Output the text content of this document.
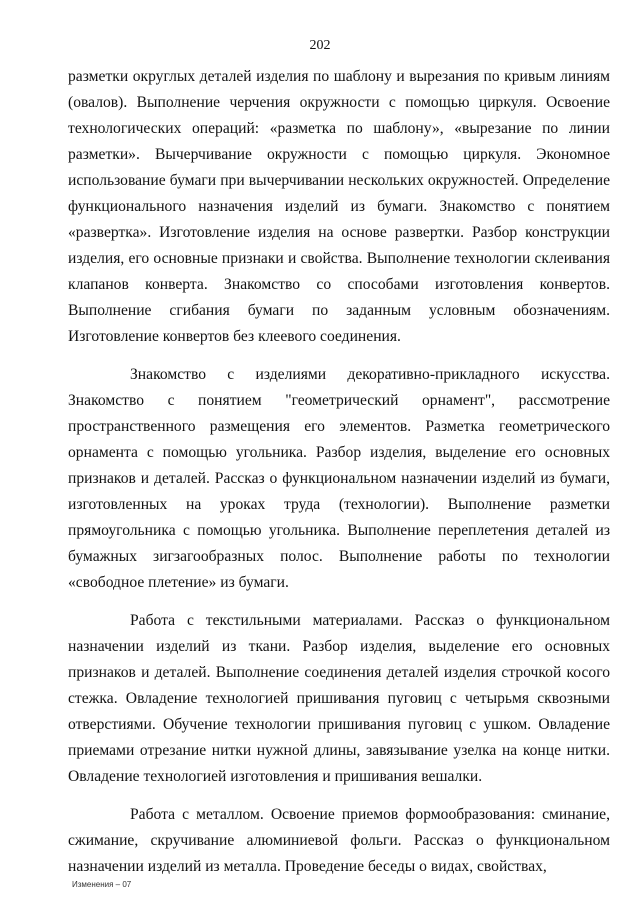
202

разметки округлых деталей изделия по шаблону и вырезания по кривым линиям (овалов). Выполнение черчения окружности с помощью циркуля. Освоение технологических операций: «разметка по шаблону», «вырезание по линии разметки». Вычерчивание окружности с помощью циркуля. Экономное использование бумаги при вычерчивании нескольких окружностей. Определение функционального назначения изделий из бумаги. Знакомство с понятием «развертка». Изготовление изделия на основе развертки. Разбор конструкции изделия, его основные признаки и свойства. Выполнение технологии склеивания клапанов конверта. Знакомство со способами изготовления конвертов. Выполнение сгибания бумаги по заданным условным обозначениям. Изготовление конвертов без клеевого соединения.

Знакомство с изделиями декоративно-прикладного искусства. Знакомство с понятием "геометрический орнамент", рассмотрение пространственного размещения его элементов. Разметка геометрического орнамента с помощью угольника. Разбор изделия, выделение его основных признаков и деталей. Рассказ о функциональном назначении изделий из бумаги, изготовленных на уроках труда (технологии). Выполнение разметки прямоугольника с помощью угольника. Выполнение переплетения деталей из бумажных зигзагообразных полос. Выполнение работы по технологии «свободное плетение» из бумаги.

Работа с текстильными материалами. Рассказ о функциональном назначении изделий из ткани. Разбор изделия, выделение его основных признаков и деталей. Выполнение соединения деталей изделия строчкой косого стежка. Овладение технологией пришивания пуговиц с четырьмя сквозными отверстиями. Обучение технологии пришивания пуговиц с ушком. Овладение приемами отрезание нитки нужной длины, завязывание узелка на конце нитки. Овладение технологией изготовления и пришивания вешалки.

Работа с металлом. Освоение приемов формообразования: сминание, сжимание, скручивание алюминиевой фольги. Рассказ о функциональном назначении изделий из металла. Проведение беседы о видах, свойствах,

Изменения – 07
